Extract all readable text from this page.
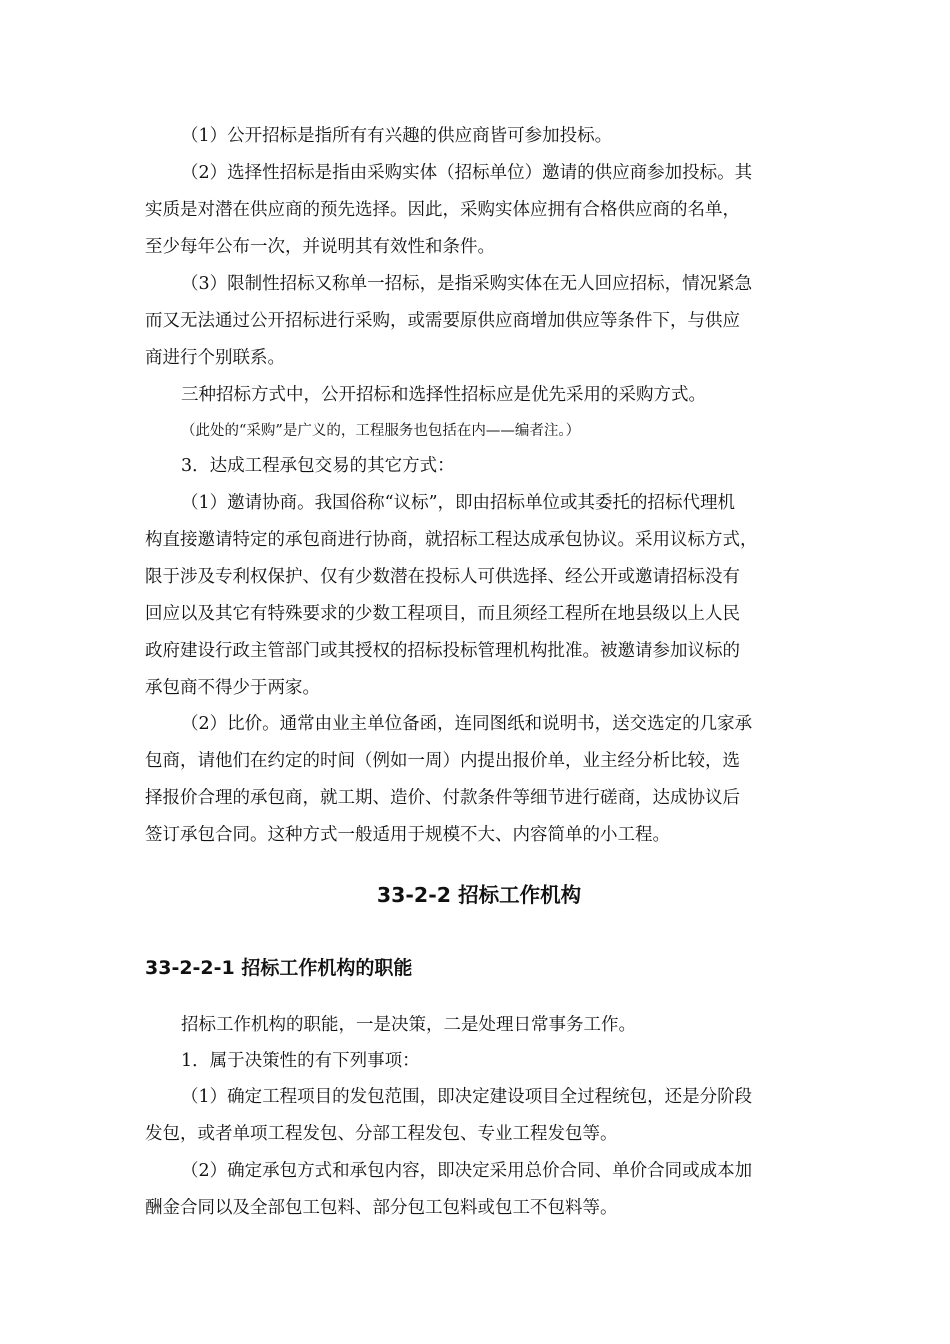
（1）公开招标是指所有有兴趣的供应商皆可参加投标。
（2）选择性招标是指由采购实体（招标单位）邀请的供应商参加投标。其
实质是对潜在供应商的预先选择。因此，采购实体应拥有合格供应商的名单，
至少每年公布一次，并说明其有效性和条件。
（3）限制性招标又称单一招标，是指采购实体在无人回应招标，情况紧急
而又无法通过公开招标进行采购，或需要原供应商增加供应等条件下，与供应
商进行个别联系。
三种招标方式中，公开招标和选择性招标应是优先采用的采购方式。
（此处的“采购”是广义的，工程服务也包括在内——编者注。）
3．达成工程承包交易的其它方式：
（1）邀请协商。我国俗称“议标”，即由招标单位或其委托的招标代理机
构直接邀请特定的承包商进行协商，就招标工程达成承包协议。采用议标方式，
限于涉及专利权保护、仅有少数潜在投标人可供选择、经公开或邀请招标没有
回应以及其它有特殊要求的少数工程项目，而且须经工程所在地县级以上人民
政府建设行政主管部门或其授权的招标投标管理机构批准。被邀请参加议标的
承包商不得少于两家。
（2）比价。通常由业主单位备函，连同图纸和说明书，送交选定的几家承
包商，请他们在约定的时间（例如一周）内提出报价单，业主经分析比较，选
择报价合理的承包商，就工期、造价、付款条件等细节进行磋商，达成协议后
签订承包合同。这种方式一般适用于规模不大、内容简单的小工程。
33-2-2 招标工作机构
33-2-2-1 招标工作机构的职能
招标工作机构的职能，一是决策，二是处理日常事务工作。
1．属于决策性的有下列事项：
（1）确定工程项目的发包范围，即决定建设项目全过程统包，还是分阶段
发包，或者单项工程发包、分部工程发包、专业工程发包等。
（2）确定承包方式和承包内容，即决定采用总价合同、单价合同或成本加
酬金合同以及全部包工包料、部分包工包料或包工不包料等。
